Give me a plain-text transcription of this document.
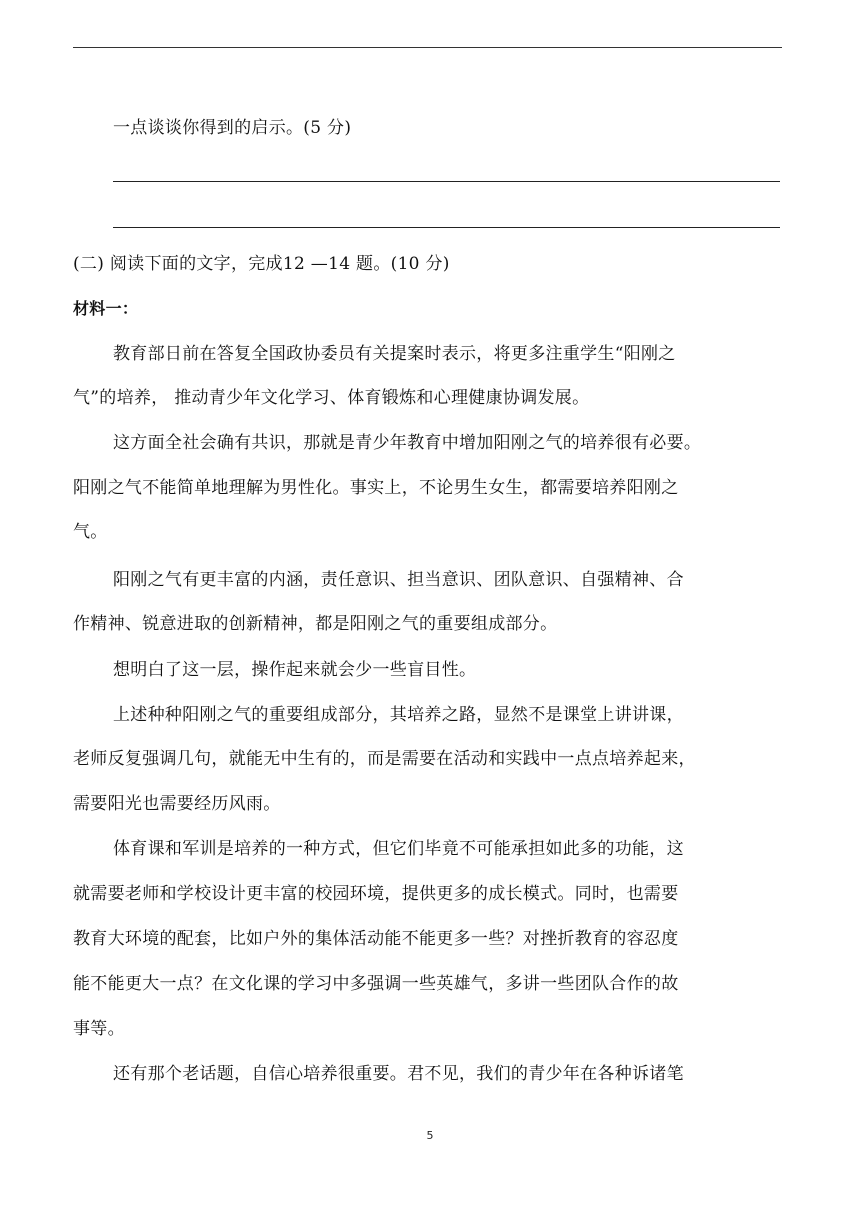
一点谈谈你得到的启示。(5 分)
(二) 阅读下面的文字，完成12 —14 题。(10 分)
材料一：
教育部日前在答复全国政协委员有关提案时表示，将更多注重学生“阳刚之
气”的培养， 推动青少年文化学习、体育锻炼和心理健康协调发展。
这方面全社会确有共识，那就是青少年教育中增加阳刚之气的培养很有必要。
阳刚之气不能简单地理解为男性化。事实上，不论男生女生，都需要培养阳刚之
气。
阳刚之气有更丰富的内涵，责任意识、担当意识、团队意识、自强精神、合
作精神、锐意进取的创新精神，都是阳刚之气的重要组成部分。
想明白了这一层，操作起来就会少一些盲目性。
上述种种阳刚之气的重要组成部分，其培养之路，显然不是课堂上讲讲课，
老师反复强调几句，就能无中生有的，而是需要在活动和实践中一点点培养起来，
需要阳光也需要经历风雨。
体育课和军训是培养的一种方式，但它们毕竟不可能承担如此多的功能，这
就需要老师和学校设计更丰富的校园环境，提供更多的成长模式。同时，也需要
教育大环境的配套，比如户外的集体活动能不能更多一些？对挫折教育的容忍度
能不能更大一点？在文化课的学习中多强调一些英雄气，多讲一些团队合作的故
事等。
还有那个老话题，自信心培养很重要。君不见，我们的青少年在各种诉诸笔
5
